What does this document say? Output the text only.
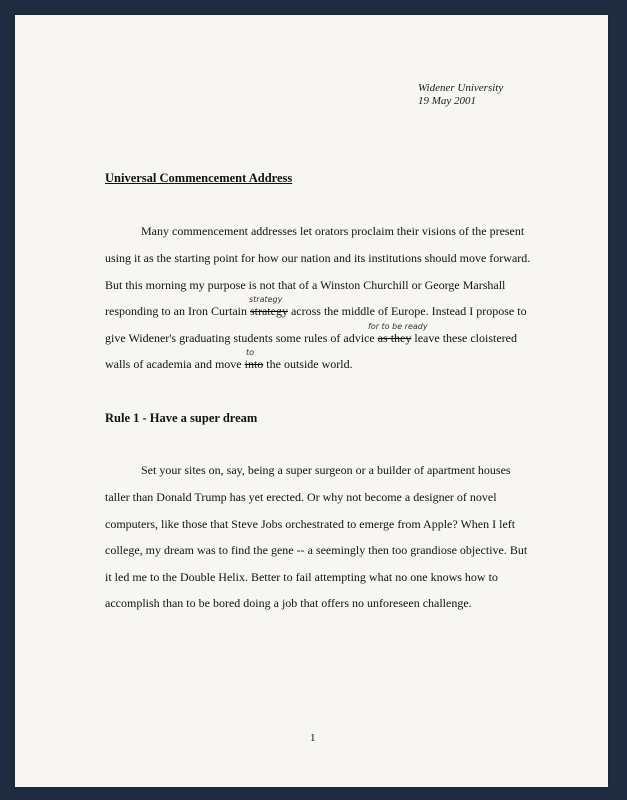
Widener University
19 May 2001
Universal Commencement Address
Many commencement addresses let orators proclaim their visions of the present
using it as the starting point for how our nation and its institutions should move forward.
But this morning my purpose is not that of a Winston Churchill or George Marshall
responding to an Iron Curtain strategy across the middle of Europe. Instead I propose to
give Widener's graduating students some rules of advice as they leave these cloistered
walls of academia and move into the outside world.
strategy
for to be ready
to
Rule 1 - Have a super dream
Set your sites on, say, being a super surgeon or a builder of apartment houses
taller than Donald Trump has yet erected. Or why not become a designer of novel
computers, like those that Steve Jobs orchestrated to emerge from Apple? When I left
college, my dream was to find the gene -- a seemingly then too grandiose objective. But
it led me to the Double Helix. Better to fail attempting what no one knows how to
accomplish than to be bored doing a job that offers no unforeseen challenge.
1
